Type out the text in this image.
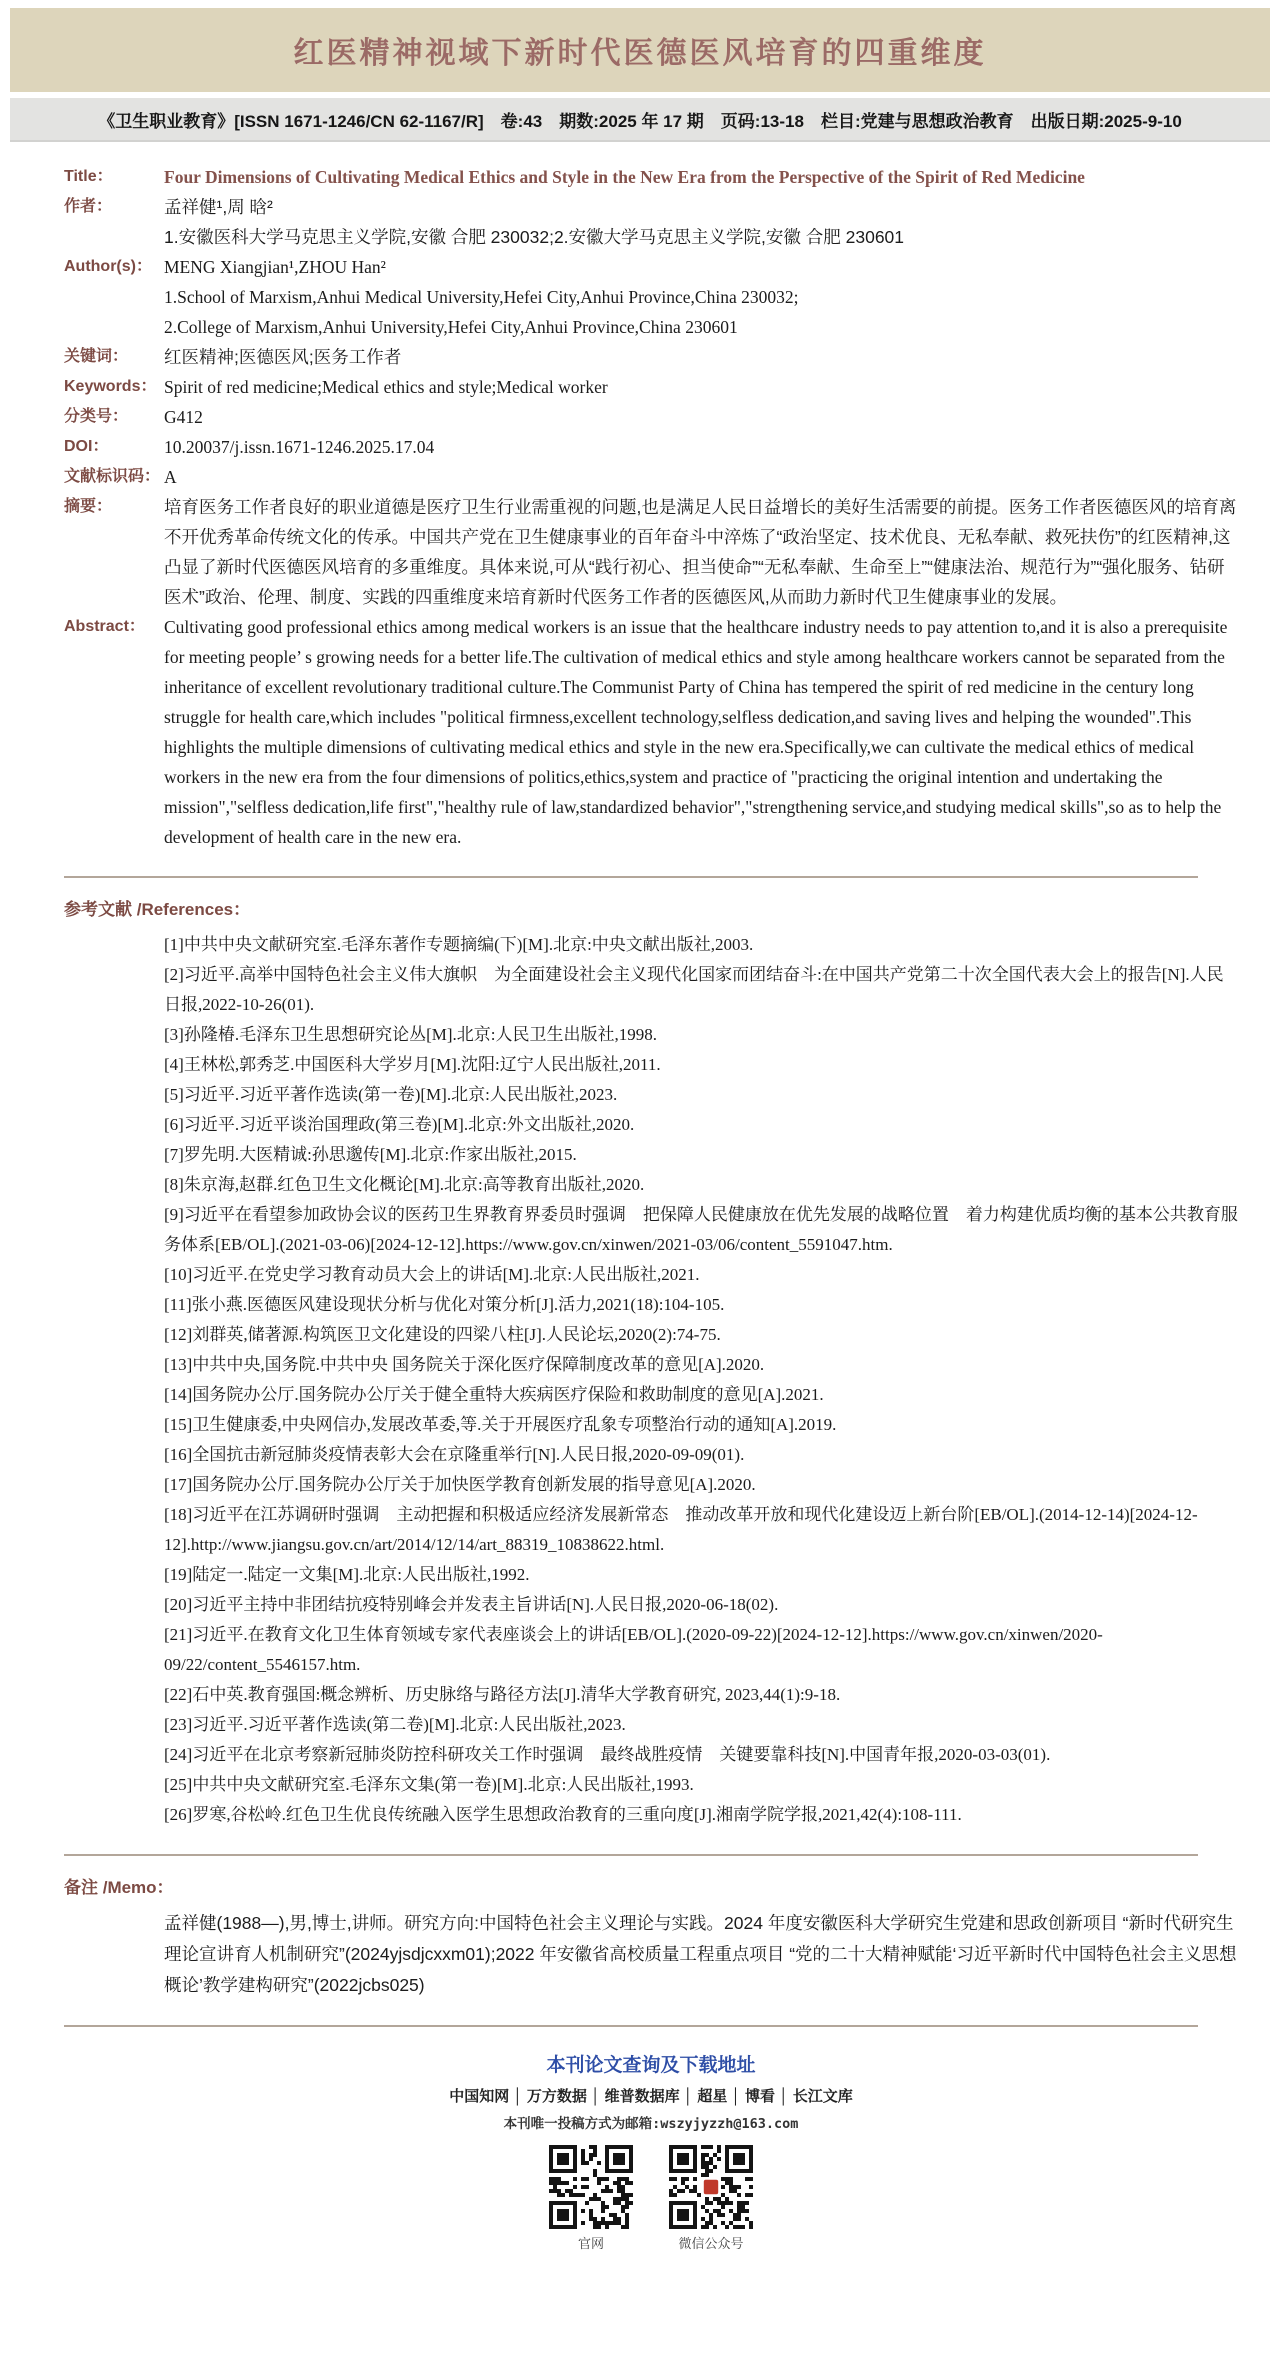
红医精神视域下新时代医德医风培育的四重维度
《卫生职业教育》[ISSN 1671-1246/CN 62-1167/R]　卷:43　期数:2025 年 17 期　页码:13-18　栏目:党建与思想政治教育　出版日期:2025-9-10
Title：	Four Dimensions of Cultivating Medical Ethics and Style in the New Era from the Perspective of the Spirit of Red Medicine
作者：	孟祥健¹,周 晗²
1.安徽医科大学马克思主义学院,安徽 合肥 230032;2.安徽大学马克思主义学院,安徽 合肥 230601
Author(s)： MENG Xiangjian¹,ZHOU Han²
1.School of Marxism,Anhui Medical University,Hefei City,Anhui Province,China 230032;
2.College of Marxism,Anhui University,Hefei City,Anhui Province,China 230601
关键词：	红医精神;医德医风;医务工作者
Keywords： Spirit of red medicine;Medical ethics and style;Medical worker
分类号：	G412
DOI：	10.20037/j.issn.1671-1246.2025.17.04
文献标识码： A
摘要：	培育医务工作者良好的职业道德是医疗卫生行业需重视的问题,也是满足人民日益增长的美好生活需要的前提。医务工作者医德医风的培育离不开优秀革命传统文化的传承。中国共产党在卫生健康事业的百年奋斗中淬炼了“政治坚定、技术优良、无私奉献、救死扶伤”的红医精神,这凸显了新时代医德医风培育的多重维度。具体来说,可从“践行初心、担当使命”“无私奉献、生命至上”“健康法治、规范行为”“强化服务、钻研医术”政治、伦理、制度、实践的四重维度来培育新时代医务工作者的医德医风,从而助力新时代卫生健康事业的发展。
Abstract：	Cultivating good professional ethics among medical workers is an issue that the healthcare industry needs to pay attention to,and it is also a prerequisite for meeting people’ s growing needs for a better life.The cultivation of medical ethics and style among healthcare workers cannot be separated from the inheritance of excellent revolutionary traditional culture.The Communist Party of China has tempered the spirit of red medicine in the century long struggle for health care,which includes "political firmness,excellent technology,selfless dedication,and saving lives and helping the wounded".This highlights the multiple dimensions of cultivating medical ethics and style in the new era.Specifically,we can cultivate the medical ethics of medical workers in the new era from the four dimensions of politics,ethics,system and practice of "practicing the original intention and undertaking the mission","selfless dedication,life first","healthy rule of law,standardized behavior","strengthening service,and studying medical skills",so as to help the development of health care in the new era.
参考文献 /References：
[1]中共中央文献研究室.毛泽东著作专题摘编(下)[M].北京:中央文献出版社,2003.
[2]习近平.高举中国特色社会主义伟大旗帜　为全面建设社会主义现代化国家而团结奋斗:在中国共产党第二十次全国代表大会上的报告[N].人民日报,2022-10-26(01).
[3]孙隆椿.毛泽东卫生思想研究论丛[M].北京:人民卫生出版社,1998.
[4]王林松,郭秀芝.中国医科大学岁月[M].沈阳:辽宁人民出版社,2011.
[5]习近平.习近平著作选读(第一卷)[M].北京:人民出版社,2023.
[6]习近平.习近平谈治国理政(第三卷)[M].北京:外文出版社,2020.
[7]罗先明.大医精诚:孙思邈传[M].北京:作家出版社,2015.
[8]朱京海,赵群.红色卫生文化概论[M].北京:高等教育出版社,2020.
[9]习近平在看望参加政协会议的医药卫生界教育界委员时强调　把保障人民健康放在优先发展的战略位置　着力构建优质均衡的基本公共教育服务体系[EB/OL].(2021-03-06)[2024-12-12].https://www.gov.cn/xinwen/2021-03/06/content_5591047.htm.
[10]习近平.在党史学习教育动员大会上的讲话[M].北京:人民出版社,2021.
[11]张小燕.医德医风建设现状分析与优化对策分析[J].活力,2021(18):104-105.
[12]刘群英,储著源.构筑医卫文化建设的四梁八柱[J].人民论坛,2020(2):74-75.
[13]中共中央,国务院.中共中央 国务院关于深化医疗保障制度改革的意见[A].2020.
[14]国务院办公厅.国务院办公厅关于健全重特大疾病医疗保险和救助制度的意见[A].2021.
[15]卫生健康委,中央网信办,发展改革委,等.关于开展医疗乱象专项整治行动的通知[A].2019.
[16]全国抗击新冠肺炎疫情表彰大会在京隆重举行[N].人民日报,2020-09-09(01).
[17]国务院办公厅.国务院办公厅关于加快医学教育创新发展的指导意见[A].2020.
[18]习近平在江苏调研时强调　主动把握和积极适应经济发展新常态　推动改革开放和现代化建设迈上新台阶[EB/OL].(2014-12-14)[2024-12-12].http://www.jiangsu.gov.cn/art/2014/12/14/art_88319_10838622.html.
[19]陆定一.陆定一文集[M].北京:人民出版社,1992.
[20]习近平主持中非团结抗疫特别峰会并发表主旨讲话[N].人民日报,2020-06-18(02).
[21]习近平.在教育文化卫生体育领域专家代表座谈会上的讲话[EB/OL].(2020-09-22)[2024-12-12].https://www.gov.cn/xinwen/2020-09/22/content_5546157.htm.
[22]石中英.教育强国:概念辨析、历史脉络与路径方法[J].清华大学教育研究, 2023,44(1):9-18.
[23]习近平.习近平著作选读(第二卷)[M].北京:人民出版社,2023.
[24]习近平在北京考察新冠肺炎防控科研攻关工作时强调　最终战胜疫情　关键要靠科技[N].中国青年报,2020-03-03(01).
[25]中共中央文献研究室.毛泽东文集(第一卷)[M].北京:人民出版社,1993.
[26]罗寒,谷松岭.红色卫生优良传统融入医学生思想政治教育的三重向度[J].湘南学院学报,2021,42(4):108-111.
备注 /Memo：
孟祥健(1988—),男,博士,讲师。研究方向:中国特色社会主义理论与实践。2024 年度安徽医科大学研究生党建和思政创新项目 “新时代研究生理论宣讲育人机制研究”(2024yjsdjcxxm01);2022 年安徽省高校质量工程重点项目 “党的二十大精神赋能‘习近平新时代中国特色社会主义思想概论’教学建构研究”(2022jcbs025)
本刊论文查询及下载地址
中国知网 │ 万方数据 │ 维普数据库 │ 超星 │ 博看 │ 长江文库
本刊唯一投稿方式为邮箱:wszyjyzzh@163.com
官网	微信公众号
